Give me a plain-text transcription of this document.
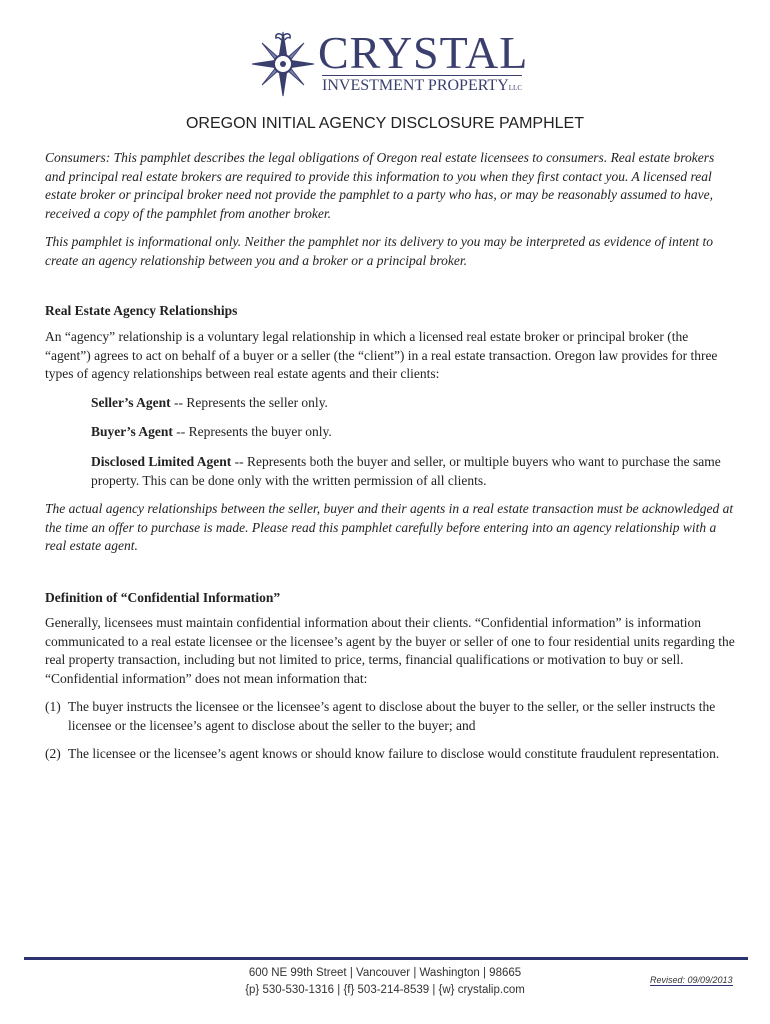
CRYSTAL
INVESTMENT PROPERTYLLC
OREGON INITIAL AGENCY DISCLOSURE PAMPHLET
Consumers: This pamphlet describes the legal obligations of Oregon real estate licensees to consumers. Real estate brokers and principal real estate brokers are required to provide this information to you when they first contact you. A licensed real estate broker or principal broker need not provide the pamphlet to a party who has, or may be reasonably assumed to have, received a copy of the pamphlet from another broker.
This pamphlet is informational only. Neither the pamphlet nor its delivery to you may be interpreted as evidence of intent to create an agency relationship between you and a broker or a principal broker.
Real Estate Agency Relationships
An “agency” relationship is a voluntary legal relationship in which a licensed real estate broker or principal broker (the “agent”) agrees to act on behalf of a buyer or a seller (the “client”) in a real estate transaction. Oregon law provides for three types of agency relationships between real estate agents and their clients:
Seller’s Agent -- Represents the seller only.
Buyer’s Agent -- Represents the buyer only.
Disclosed Limited Agent -- Represents both the buyer and seller, or multiple buyers who want to purchase the same property. This can be done only with the written permission of all clients.
The actual agency relationships between the seller, buyer and their agents in a real estate transaction must be acknowledged at the time an offer to purchase is made. Please read this pamphlet carefully before entering into an agency relationship with a real estate agent.
Definition of “Confidential Information”
Generally, licensees must maintain confidential information about their clients. “Confidential information” is information communicated to a real estate licensee or the licensee’s agent by the buyer or seller of one to four residential units regarding the real property transaction, including but not limited to price, terms, financial qualifications or motivation to buy or sell. “Confidential information” does not mean information that:
(1) The buyer instructs the licensee or the licensee’s agent to disclose about the buyer to the seller, or the seller instructs the licensee or the licensee’s agent to disclose about the seller to the buyer; and
(2) The licensee or the licensee’s agent knows or should know failure to disclose would constitute fraudulent representation.
600 NE 99th Street | Vancouver | Washington | 98665
{p} 530-530-1316 | {f} 503-214-8539 | {w} crystalip.com
Revised: 09/09/2013
